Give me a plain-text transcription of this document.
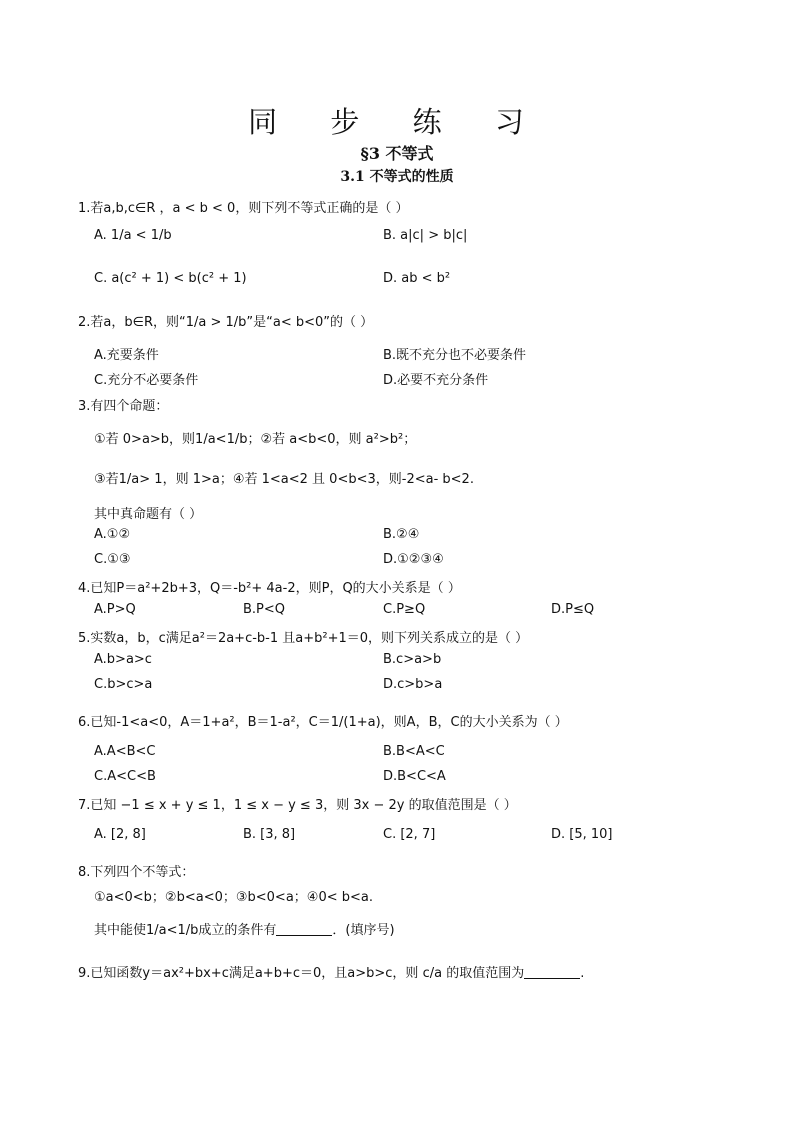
同 步 练 习
§3 不等式
3.1 不等式的性质
1.若a,b,c∈R ，a < b < 0，则下列不等式正确的是（ ）
A. 1/a < 1/b	B. a|c| > b|c|
C. a(c² + 1) < b(c² + 1)	D. ab < b²
2.若a，b∈R，则“1/a > 1/b”是“a< b<0”的（ ）
A.充要条件	B.既不充分也不必要条件
C.充分不必要条件	D.必要不充分条件
3.有四个命题：
①若 0>a>b，则1/a<1/b；②若 a<b<0，则 a²>b²；
③若1/a> 1，则 1>a；④若 1<a<2 且 0<b<3，则-2<a- b<2.
其中真命题有（ ）
A.①②	B.②④
C.①③	D.①②③④
4.已知P＝a²+2b+3，Q＝-b²+ 4a-2，则P，Q的大小关系是（ ）
A.P>Q	B.P<Q	C.P≥Q	D.P≤Q
5.实数a，b，c满足a²＝2a+c-b-1 且a+b²+1＝0，则下列关系成立的是（ ）
A.b>a>c	B.c>a>b
C.b>c>a	D.c>b>a
6.已知-1<a<0，A＝1+a²，B＝1-a²，C＝1/(1+a)，则A，B，C的大小关系为（ ）
A.A<B<C	B.B<A<C
C.A<C<B	D.B<C<A
7.已知 −1 ≤ x + y ≤ 1，1 ≤ x − y ≤ 3，则 3x − 2y 的取值范围是（ ）
A. [2, 8]	B. [3, 8]	C. [2, 7]	D. [5, 10]
8.下列四个不等式：
①a<0<b；②b<a<0；③b<0<a；④0< b<a.
其中能使1/a<1/b成立的条件有	．(填序号)
9.已知函数y＝ax²+bx+c满足a+b+c＝0，且a>b>c，则 c/a 的取值范围为	.
